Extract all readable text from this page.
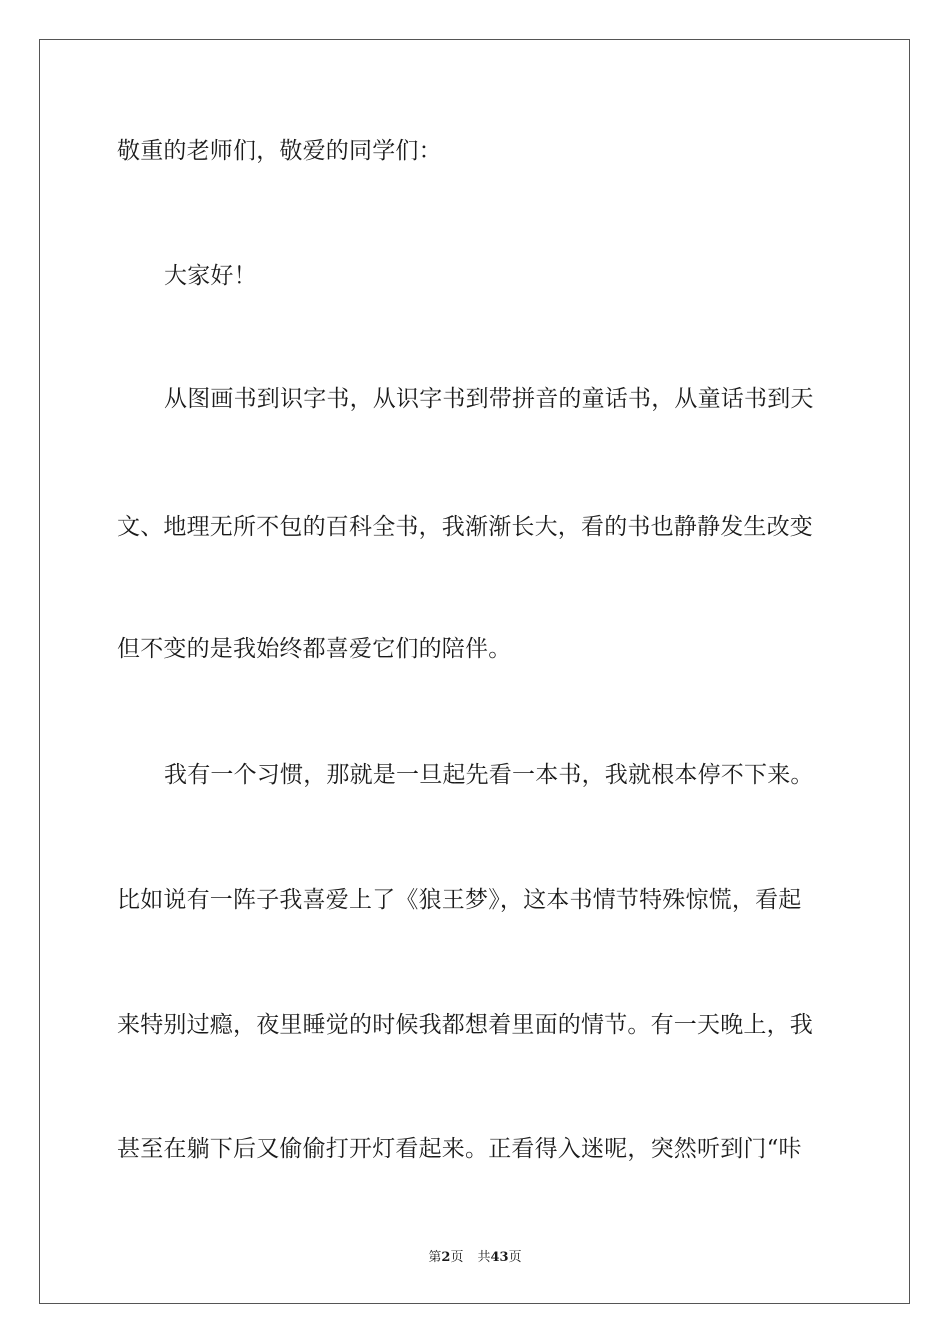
敬重的老师们，敬爱的同学们：
大家好！
从图画书到识字书，从识字书到带拼音的童话书，从童话书到天
文、地理无所不包的百科全书，我渐渐长大，看的书也静静发生改变
但不变的是我始终都喜爱它们的陪伴。
我有一个习惯，那就是一旦起先看一本书，我就根本停不下来。
比如说有一阵子我喜爱上了《狼王梦》，这本书情节特殊惊慌，看起
来特别过瘾，夜里睡觉的时候我都想着里面的情节。有一天晚上，我
甚至在躺下后又偷偷打开灯看起来。正看得入迷呢，突然听到门“咔
第2页 共43页
